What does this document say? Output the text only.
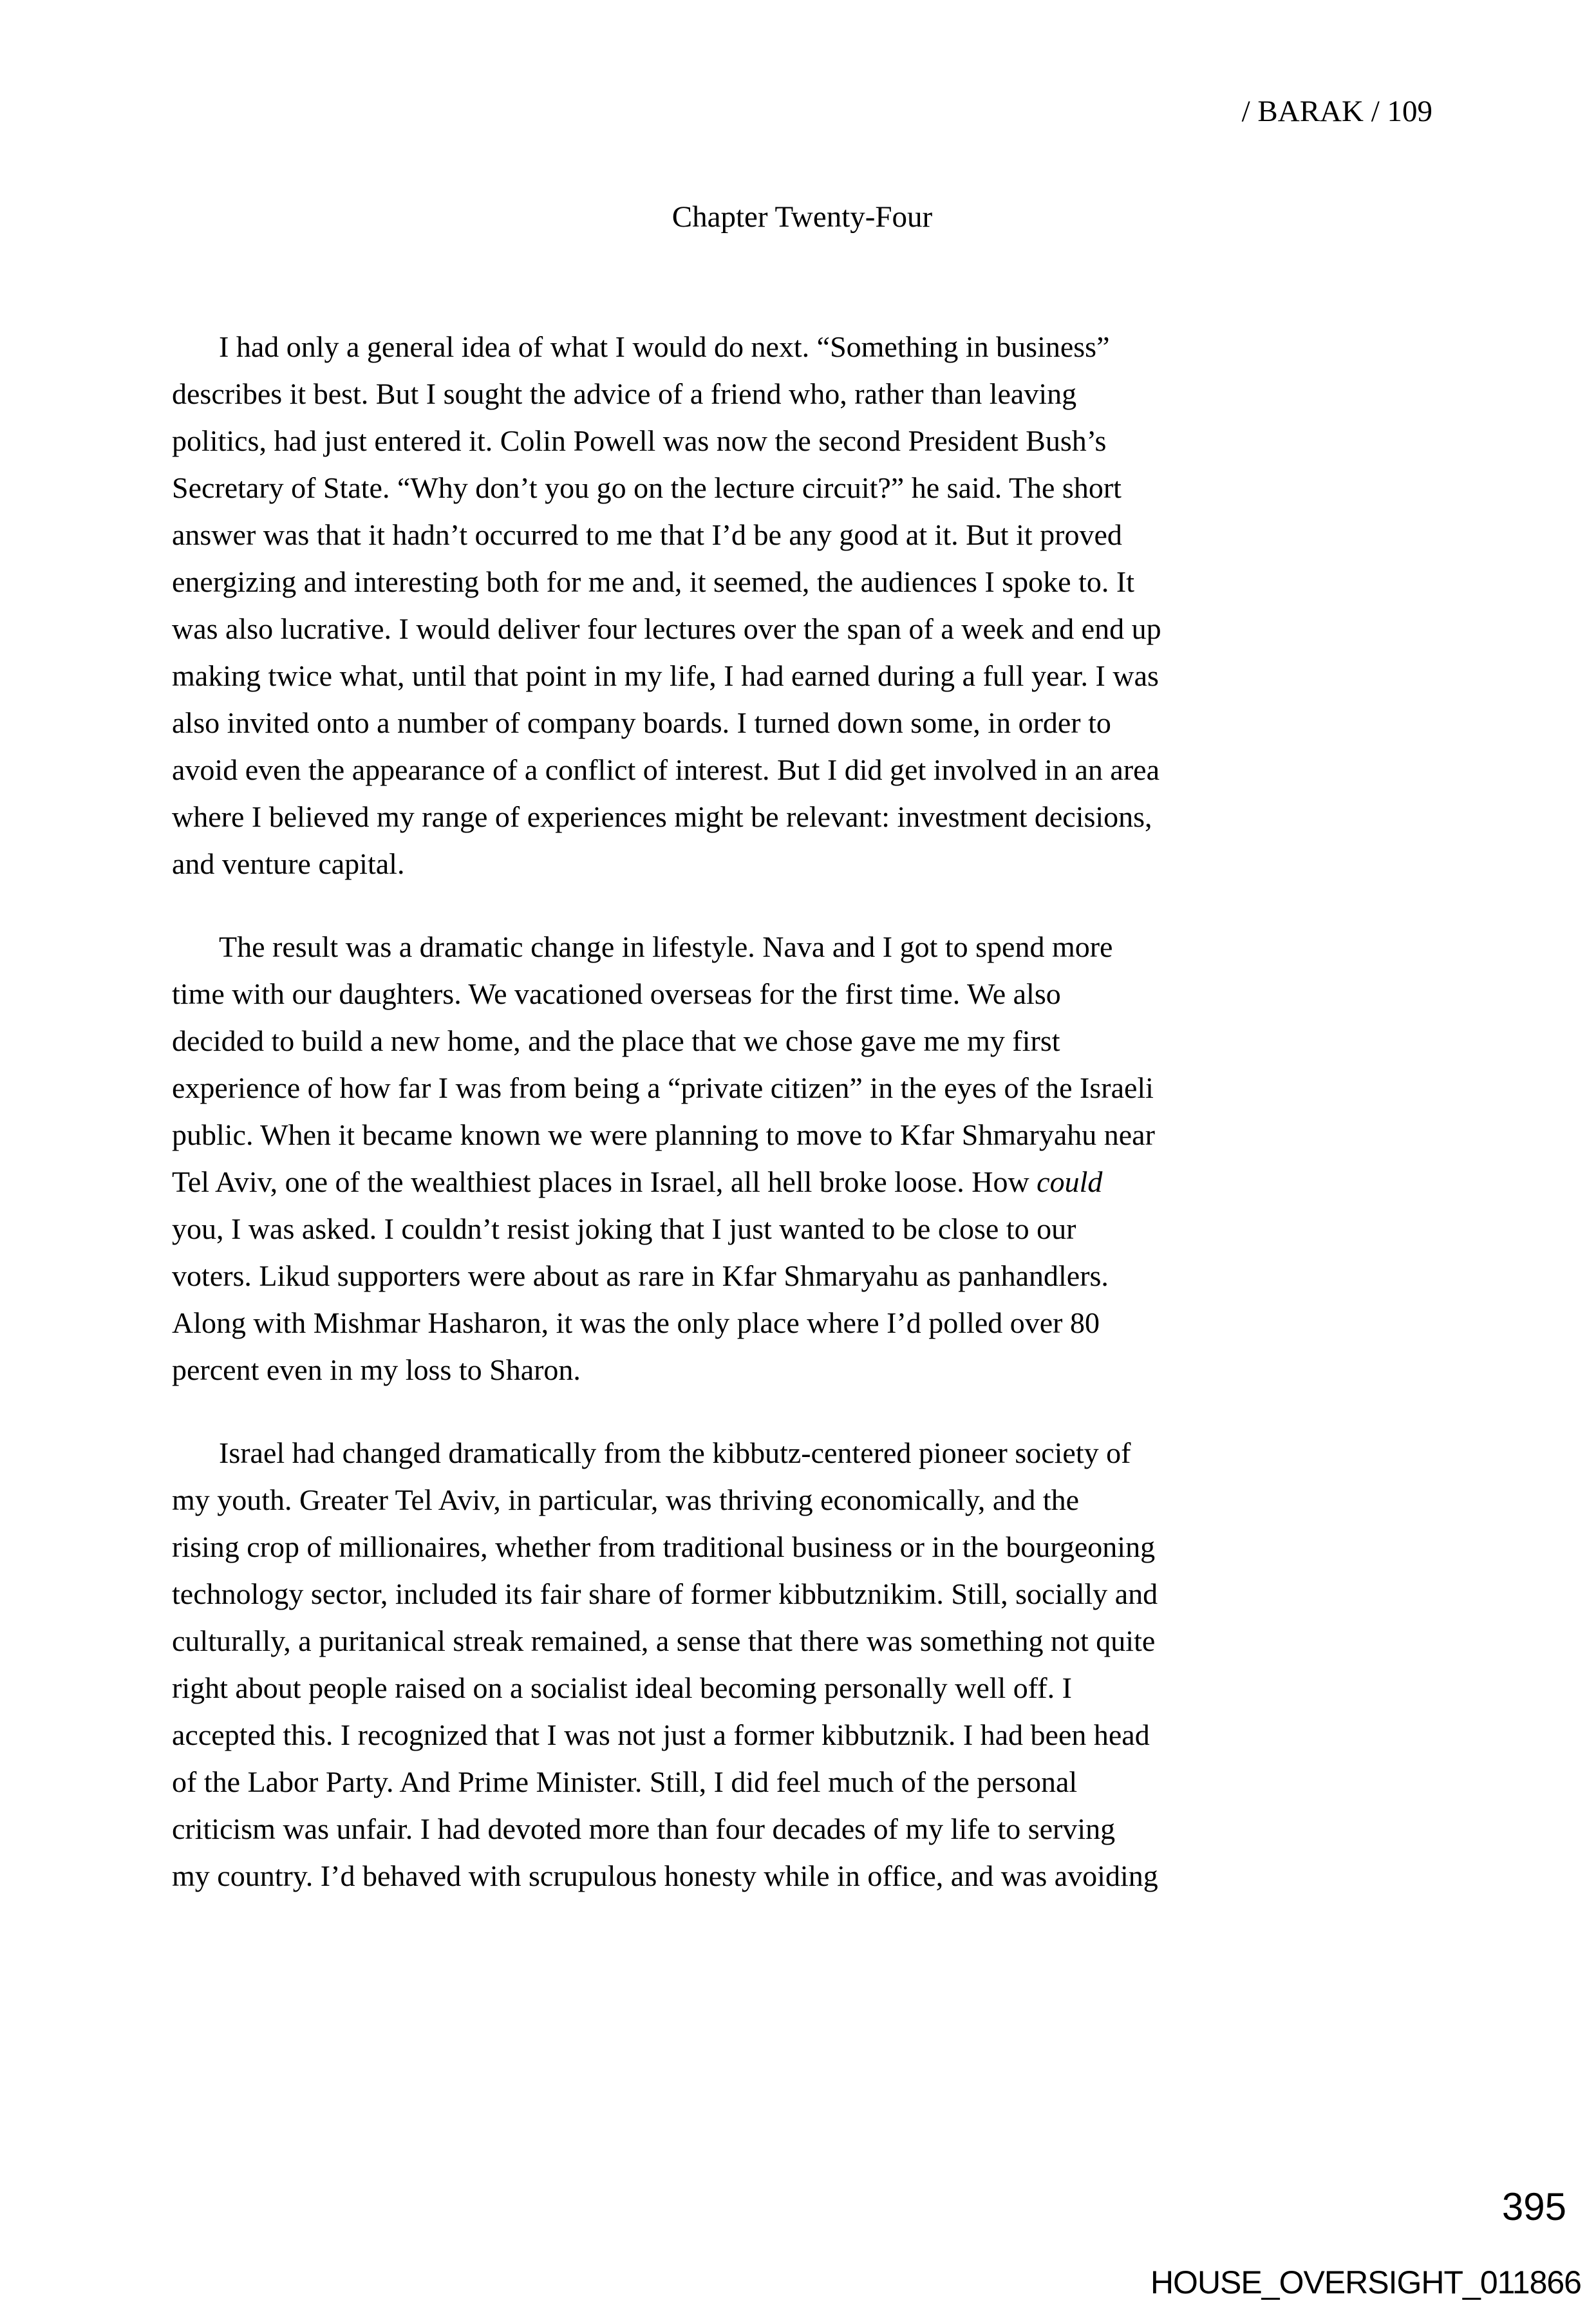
/ BARAK / 109
Chapter Twenty-Four

I had only a general idea of what I would do next. “Something in business”
describes it best. But I sought the advice of a friend who, rather than leaving
politics, had just entered it. Colin Powell was now the second President Bush’s
Secretary of State. “Why don’t you go on the lecture circuit?” he said. The short
answer was that it hadn’t occurred to me that I’d be any good at it. But it proved
energizing and interesting both for me and, it seemed, the audiences I spoke to. It
was also lucrative. I would deliver four lectures over the span of a week and end up
making twice what, until that point in my life, I had earned during a full year. I was
also invited onto a number of company boards. I turned down some, in order to
avoid even the appearance of a conflict of interest. But I did get involved in an area
where I believed my range of experiences might be relevant: investment decisions,
and venture capital.

The result was a dramatic change in lifestyle. Nava and I got to spend more
time with our daughters. We vacationed overseas for the first time. We also
decided to build a new home, and the place that we chose gave me my first
experience of how far I was from being a “private citizen” in the eyes of the Israeli
public. When it became known we were planning to move to Kfar Shmaryahu near
Tel Aviv, one of the wealthiest places in Israel, all hell broke loose. How could
you, I was asked. I couldn’t resist joking that I just wanted to be close to our
voters. Likud supporters were about as rare in Kfar Shmaryahu as panhandlers.
Along with Mishmar Hasharon, it was the only place where I’d polled over 80
percent even in my loss to Sharon.

Israel had changed dramatically from the kibbutz-centered pioneer society of
my youth. Greater Tel Aviv, in particular, was thriving economically, and the
rising crop of millionaires, whether from traditional business or in the bourgeoning
technology sector, included its fair share of former kibbutznikim. Still, socially and
culturally, a puritanical streak remained, a sense that there was something not quite
right about people raised on a socialist ideal becoming personally well off. I
accepted this. I recognized that I was not just a former kibbutznik. I had been head
of the Labor Party. And Prime Minister. Still, I did feel much of the personal
criticism was unfair. I had devoted more than four decades of my life to serving
my country. I’d behaved with scrupulous honesty while in office, and was avoiding

395
HOUSE_OVERSIGHT_011866
